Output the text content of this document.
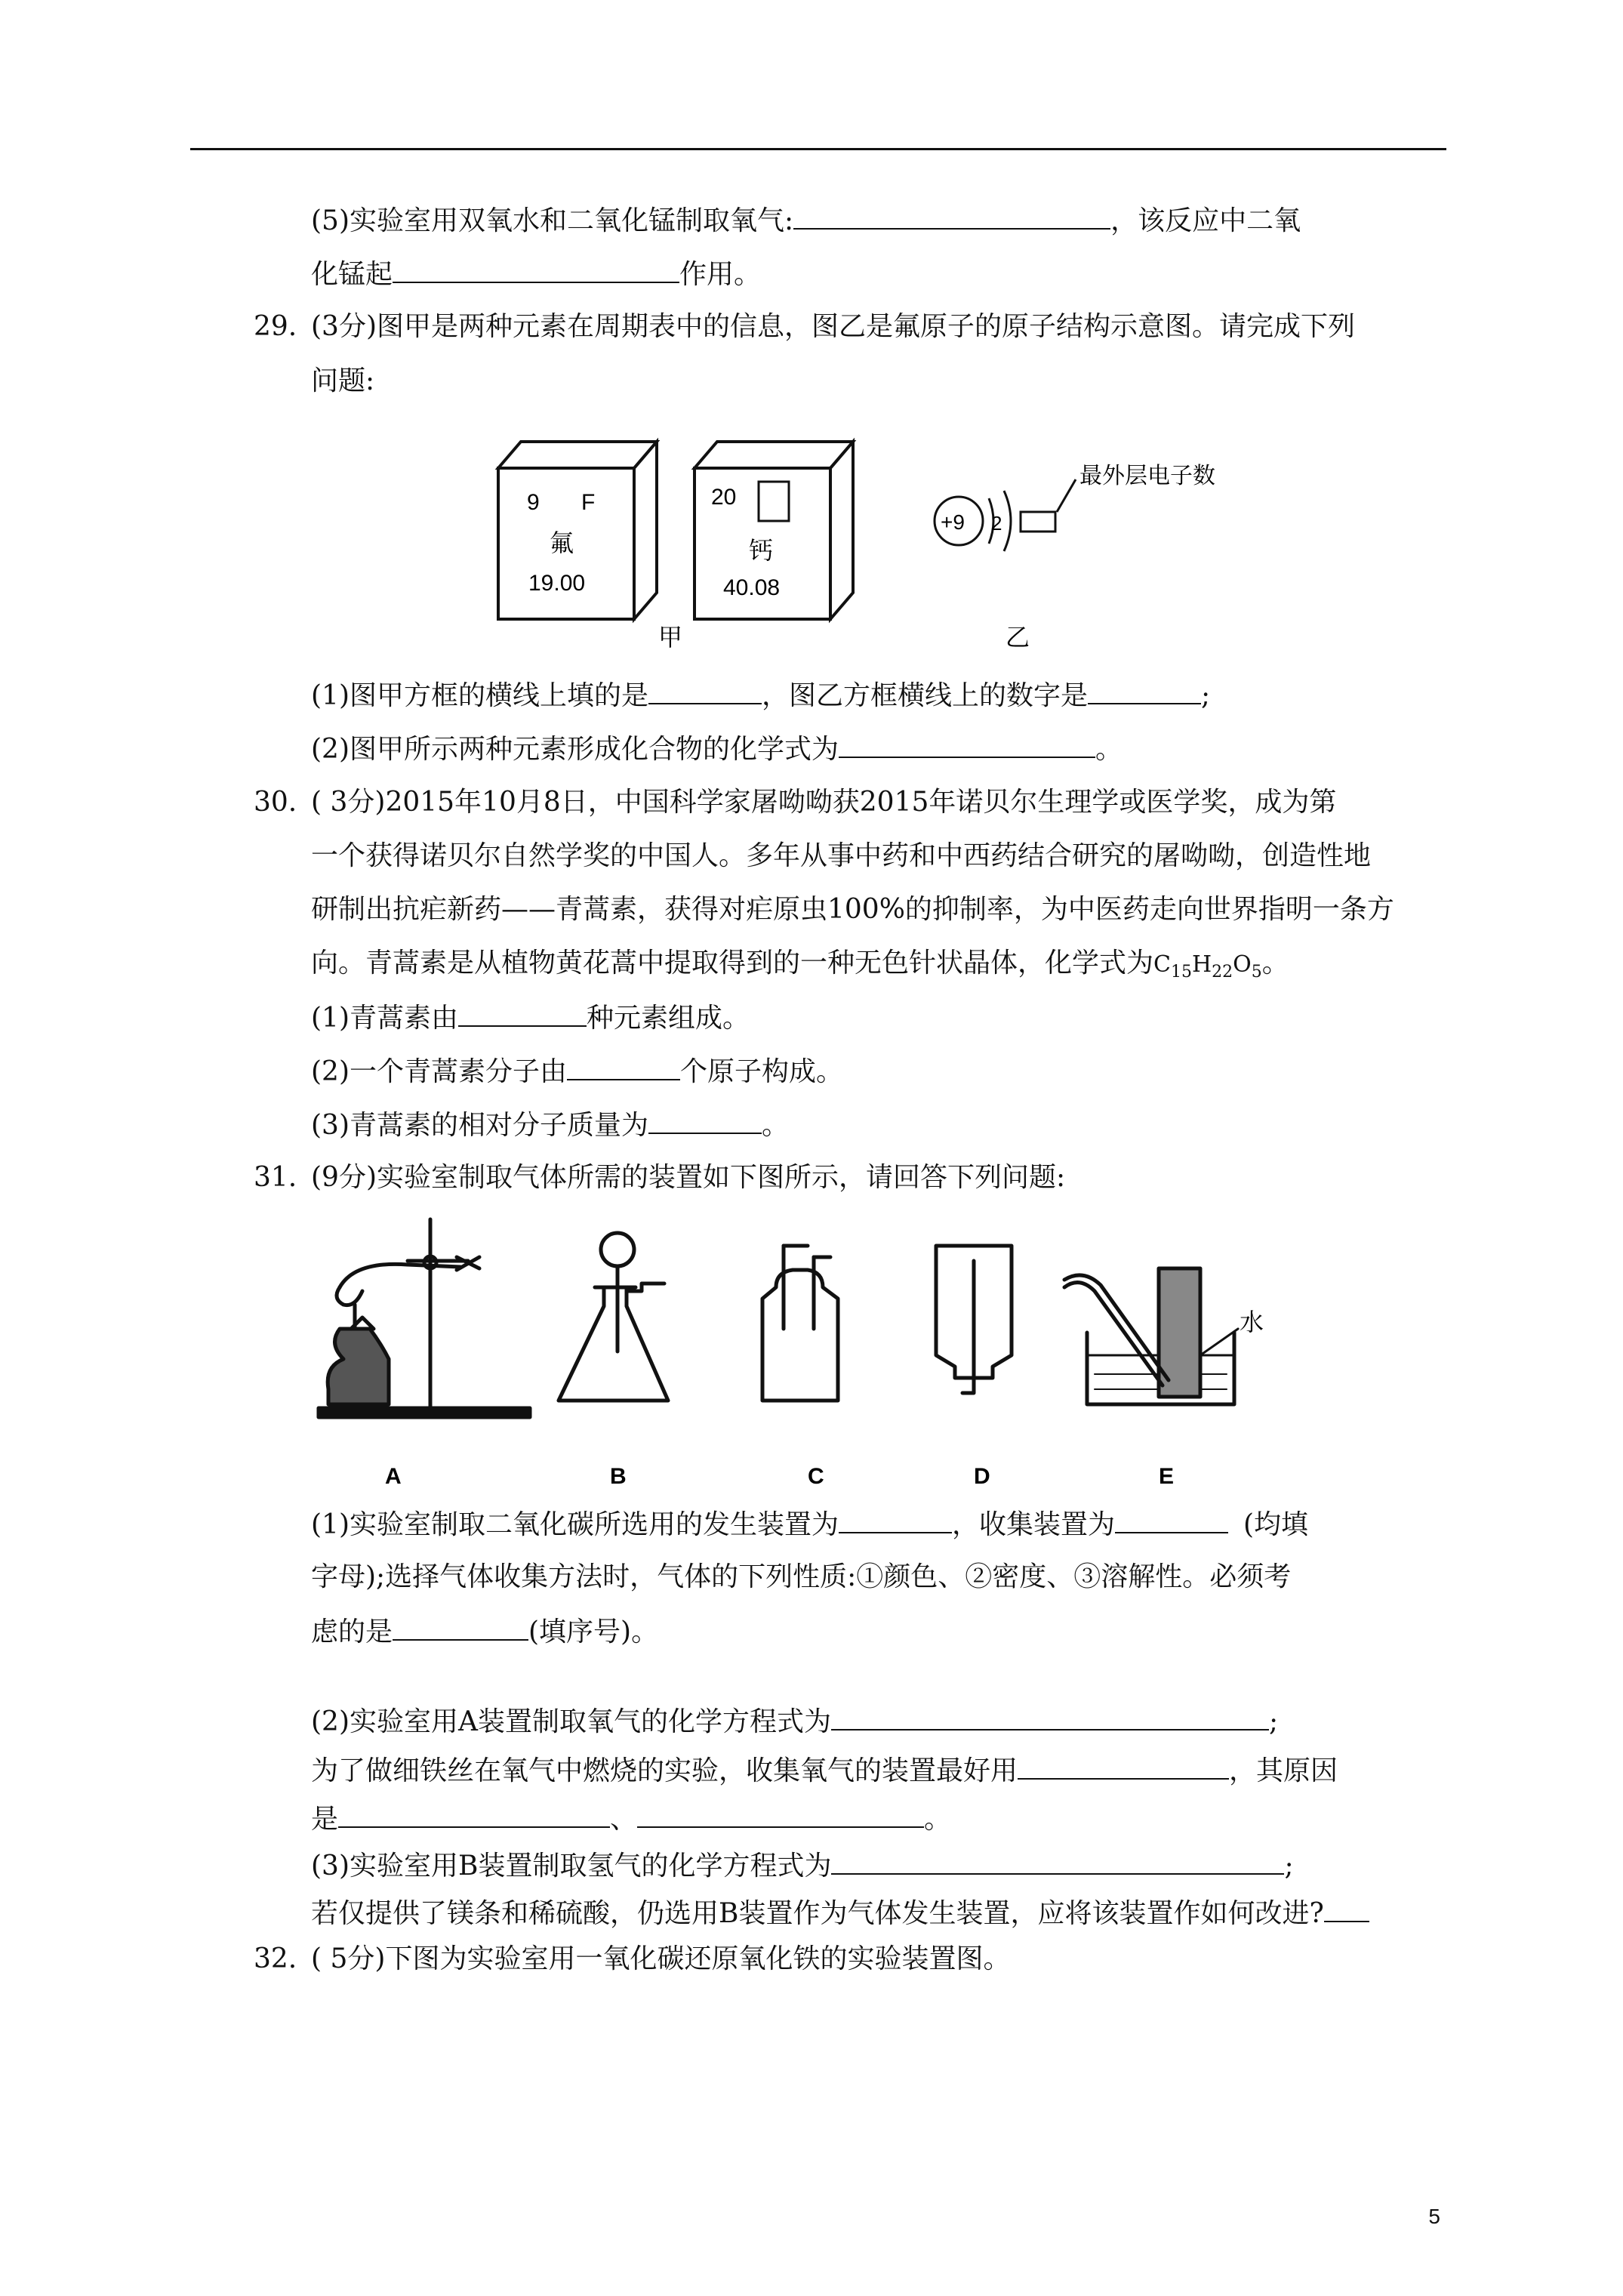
(5)实验室用双氧水和二氧化锰制取氧气:	，该反应中二氧
化锰起	作用。
29. (3分)图甲是两种元素在周期表中的信息，图乙是氟原子的原子结构示意图。请完成下列
问题:
9 F
氟
19.00
20
钙
40.08
+9 2
最外层电子数
甲	乙
(1)图甲方框的横线上填的是	，图乙方框横线上的数字是	;
(2)图甲所示两种元素形成化合物的化学式为	。
30. ( 3分)2015年10月8日，中国科学家屠呦呦获2015年诺贝尔生理学或医学奖，成为第
一个获得诺贝尔自然学奖的中国人。多年从事中药和中西药结合研究的屠呦呦，创造性地
研制出抗疟新药——青蒿素，获得对疟原虫100%的抑制率，为中医药走向世界指明一条方
向。青蒿素是从植物黄花蒿中提取得到的一种无色针状晶体，化学式为$C_{15}H_{22}O_5$。
(1)青蒿素由	种元素组成。
(2)一个青蒿素分子由	个原子构成。
(3)青蒿素的相对分子质量为	。
31. (9分)实验室制取气体所需的装置如下图所示，请回答下列问题:
水
A	B	C	D	E
(1)实验室制取二氧化碳所选用的发生装置为	，收集装置为	(均填
字母);选择气体收集方法时，气体的下列性质:①颜色、②密度、③溶解性。必须考
虑的是	(填序号)。
(2)实验室用A装置制取氧气的化学方程式为	;
为了做细铁丝在氧气中燃烧的实验，收集氧气的装置最好用	，其原因
是	、	。
(3)实验室用B装置制取氢气的化学方程式为	;
若仅提供了镁条和稀硫酸，仍选用B装置作为气体发生装置，应将该装置作如何改进?
32. ( 5分)下图为实验室用一氧化碳还原氧化铁的实验装置图。
5
